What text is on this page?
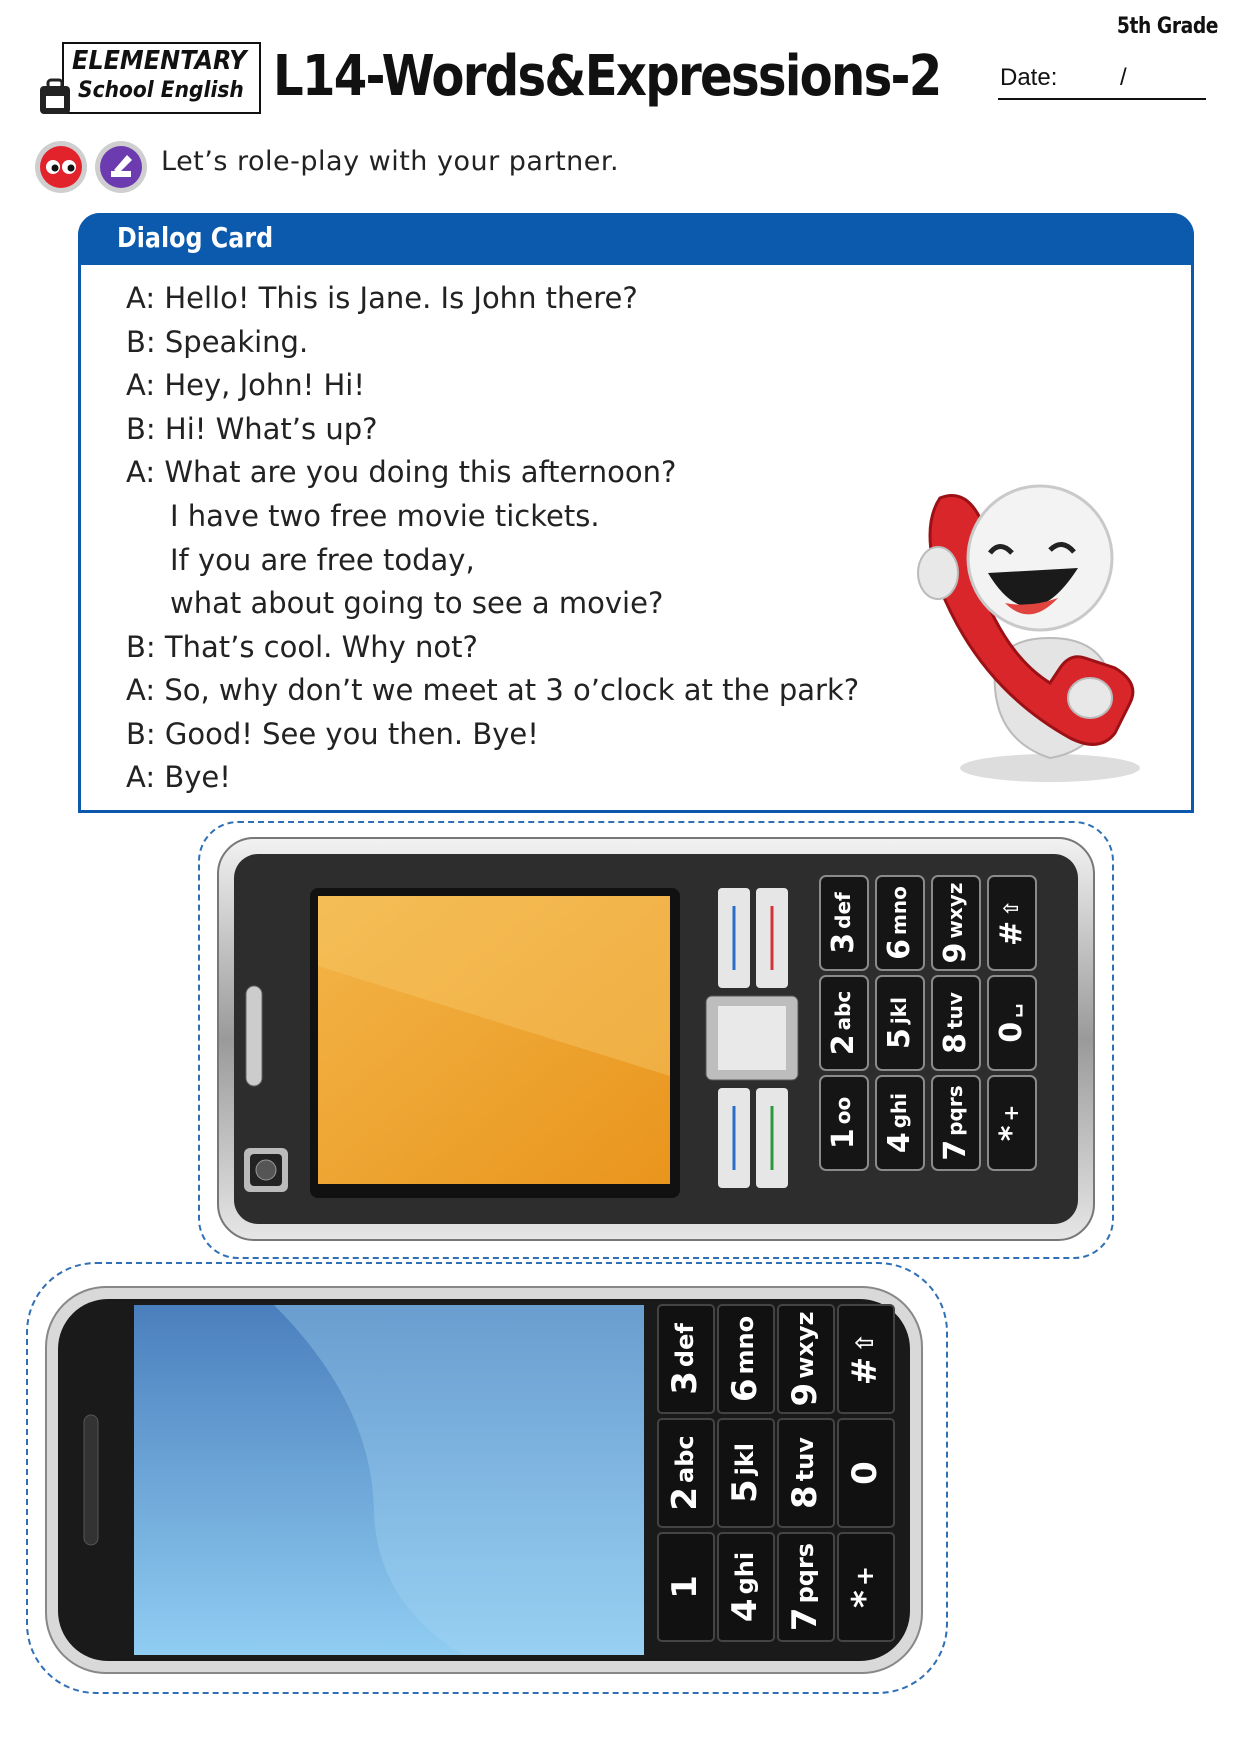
5th Grade
ELEMENTARY
School English L14-Words&Expressions-2 Date:	/
Let’s role-play with your partner.
Dialog Card
A: Hello! This is Jane. Is John there?
B: Speaking.
A: Hey, John! Hi!
B: Hi! What’s up?
A: What are you doing this afternoon?
I have two free movie tickets.
If you are free today,
what about going to see a movie?
B: That’s cool. Why not?
A: So, why don’t we meet at 3 o’clock at the park?
B: Good! See you then. Bye!
A: Bye!
3def
6mno
9wxyz #⇧
2abc
5jkl
8tuv
0␣
1oo
4ghi
7pqrs *+
3def
6mno
9wxyz #⇧
2abc
5jkl
8tuv 0
1
4ghi
7pqrs *+
